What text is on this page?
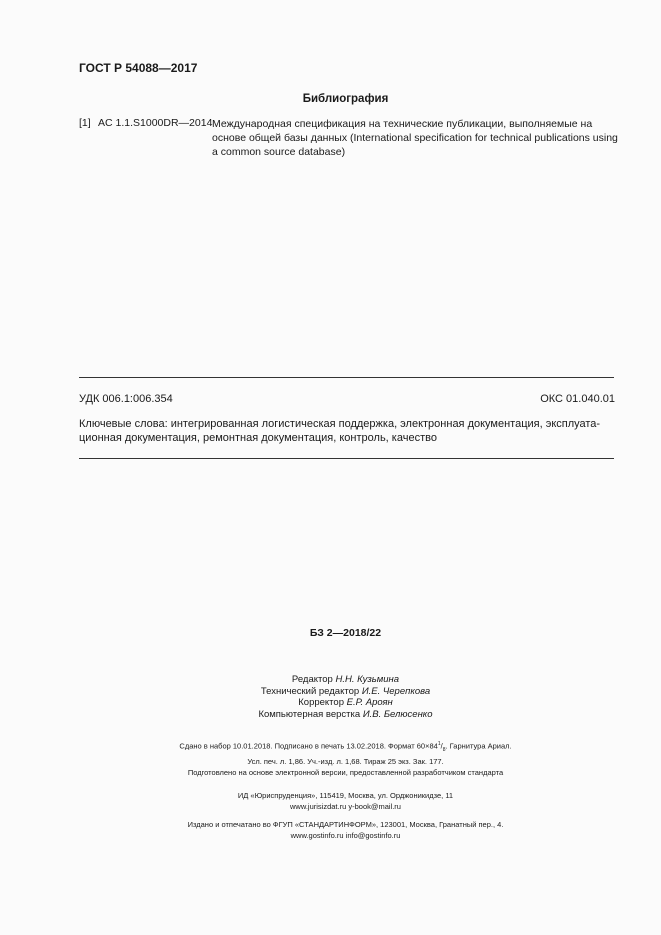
ГОСТ Р 54088—2017
Библиография
[1] AC 1.1.S1000DR—2014 Международная спецификация на технические публикации, выполняемые на основе общей базы данных (International specification for technical publications using a common source database)
УДК 006.1:006.354	ОКС 01.040.01
Ключевые слова: интегрированная логистическая поддержка, электронная документация, эксплуата-ционная документация, ремонтная документация, контроль, качество
БЗ 2—2018/22
Редактор Н.Н. Кузьмина
Технический редактор И.Е. Черепкова
Корректор Е.Р. Ароян
Компьютерная верстка И.В. Белюсенко
Сдано в набор 10.01.2018. Подписано в печать 13.02.2018. Формат $60\times 84^1/_8$. Гарнитура Ариал.
Усл. печ. л. 1,86. Уч.-изд. л. 1,68. Тираж 25 экз. Зак. 177.
Подготовлено на основе электронной версии, предоставленной разработчиком стандарта
ИД «Юриспруденция», 115419, Москва, ул. Орджоникидзе, 11
www.jurisizdat.ru y-book@mail.ru
Издано и отпечатано во ФГУП «СТАНДАРТИНФОРМ», 123001, Москва, Гранатный пер., 4.
www.gostinfo.ru info@gostinfo.ru
